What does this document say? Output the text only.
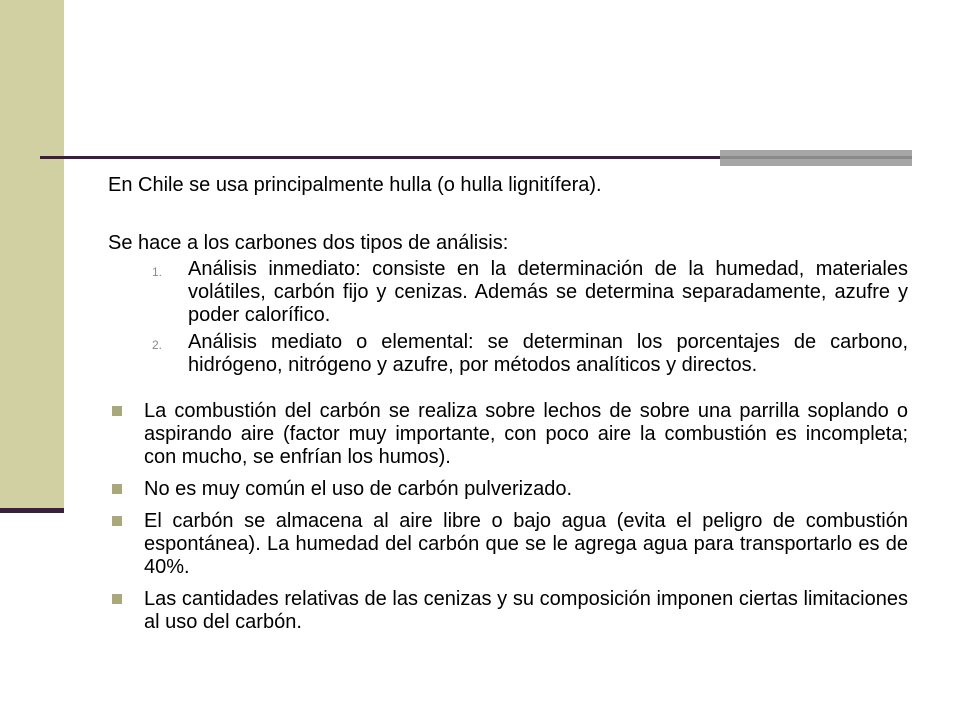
En Chile se usa principalmente hulla (o hulla lignitífera).

Se hace a los carbones dos tipos de análisis:

1. Análisis inmediato: consiste en la determinación de la humedad, materiales volátiles, carbón fijo y cenizas. Además se determina separadamente, azufre y poder calorífico.
2. Análisis mediato o elemental: se determinan los porcentajes de carbono, hidrógeno, nitrógeno y azufre, por métodos analíticos y directos.
La combustión del carbón se realiza sobre lechos de sobre una parrilla soplando o aspirando aire (factor muy importante, con poco aire la combustión es incompleta; con mucho, se enfrían los humos).
No es muy común el uso de carbón pulverizado.
El carbón se almacena al aire libre o bajo agua (evita el peligro de combustión espontánea). La humedad del carbón que se le agrega agua para transportarlo es de 40%.
Las cantidades relativas de las cenizas y su composición imponen ciertas limitaciones al uso del carbón.
